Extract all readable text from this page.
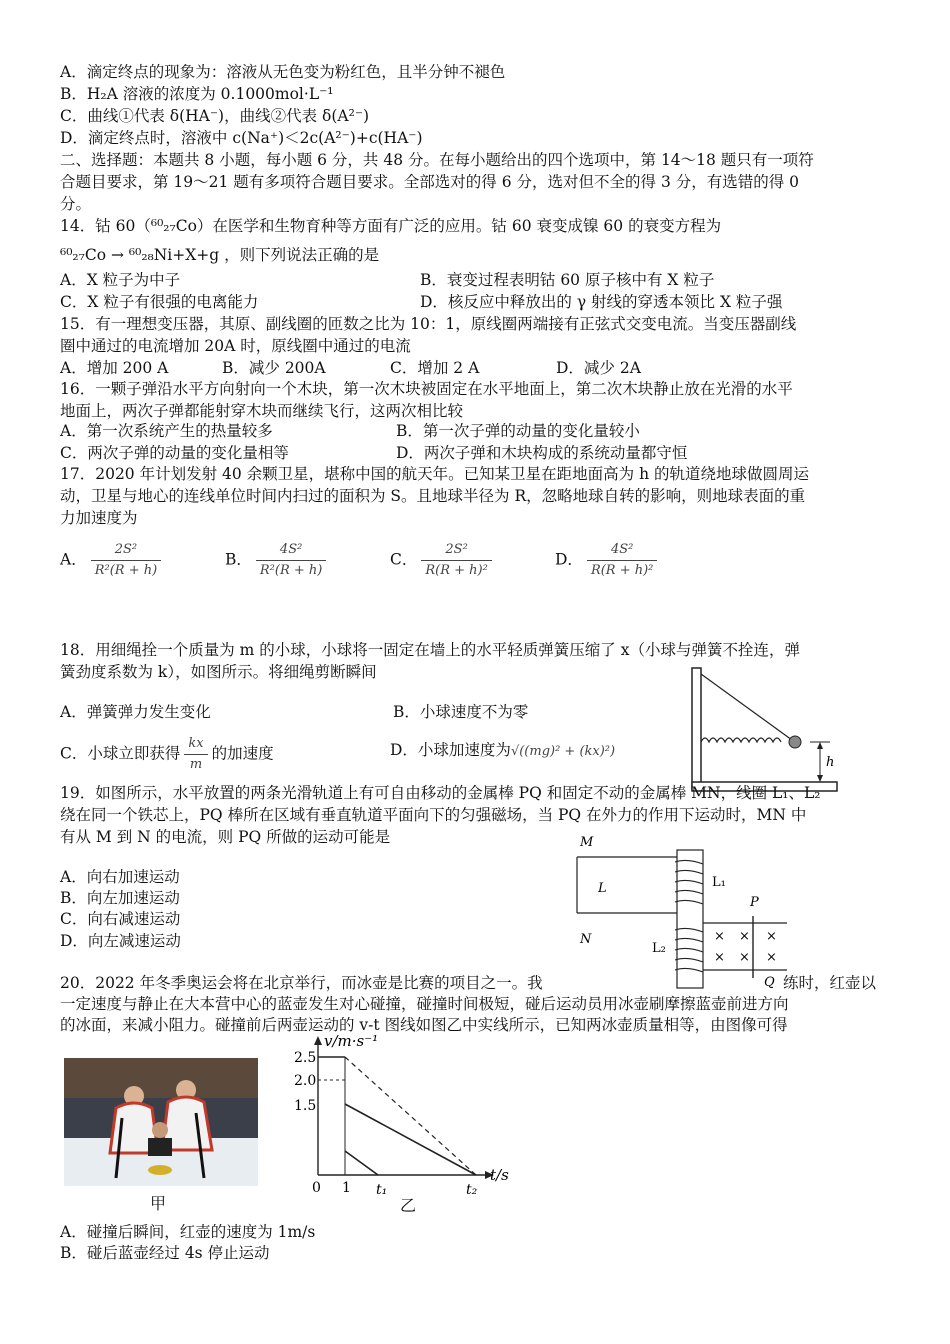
A．滴定终点的现象为：溶液从无色变为粉红色，且半分钟不褪色
B．H₂A 溶液的浓度为 0.1000mol·L⁻¹
C．曲线①代表 δ(HA⁻)，曲线②代表 δ(A²⁻)
D．滴定终点时，溶液中 c(Na⁺)＜2c(A²⁻)+c(HA⁻)
二、选择题：本题共 8 小题，每小题 6 分，共 48 分。在每小题给出的四个选项中，第 14～18 题只有一项符
合题目要求，第 19～21 题有多项符合题目要求。全部选对的得 6 分，选对但不全的得 3 分，有选错的得 0
分。
14．钴 60（⁶⁰₂₇Co）在医学和生物育种等方面有广泛的应用。钴 60 衰变成镍 60 的衰变方程为
⁶⁰₂₇Co → ⁶⁰₂₈Ni+X+g ，则下列说法正确的是
A．X 粒子为中子	B．衰变过程表明钴 60 原子核中有 X 粒子
C．X 粒子有很强的电离能力	D．核反应中释放出的 γ 射线的穿透本领比 X 粒子强
15．有一理想变压器，其原、副线圈的匝数之比为 10：1，原线圈两端接有正弦式交变电流。当变压器副线
圈中通过的电流增加 20A 时，原线圈中通过的电流
A．增加 200 A	B．减少 200A	C．增加 2 A	D．减少 2A
16．一颗子弹沿水平方向射向一个木块，第一次木块被固定在水平地面上，第二次木块静止放在光滑的水平
地面上，两次子弹都能射穿木块而继续飞行，这两次相比较
A．第一次系统产生的热量较多	B．第一次子弹的动量的变化量较小
C．两次子弹的动量的变化量相等	D．两次子弹和木块构成的系统动量都守恒
17．2020 年计划发射 40 余颗卫星，堪称中国的航天年。已知某卫星在距地面高为 h 的轨道绕地球做圆周运
动，卫星与地心的连线单位时间内扫过的面积为 S。且地球半径为 R，忽略地球自转的影响，则地球表面的重
力加速度为
A． $\frac{\text{2S²}}{\text{R²(R + h)}}$	B． $\frac{\text{4S²}}{\text{R²(R + h)}}$	C． $\frac{\text{2S²}}{\text{R(R + h)²}}$	D． $\frac{\text{4S²}}{\text{R(R + h)²}}$
18．用细绳拴一个质量为 m 的小球，小球将一固定在墙上的水平轻质弹簧压缩了 x（小球与弹簧不拴连，弹
簧劲度系数为 k），如图所示。将细绳剪断瞬间
A．弹簧弹力发生变化	B．小球速度不为零
C．小球立即获得 $\frac{kx}{m}$ 的加速度	D．小球加速度为√((mg)² + (kx)²)
h
19．如图所示，水平放置的两条光滑轨道上有可自由移动的金属棒 PQ 和固定不动的金属棒 MN，线圈 L₁、L₂
绕在同一个铁芯上，PQ 棒所在区域有垂直轨道平面向下的匀强磁场，当 PQ 在外力的作用下运动时，MN 中
有从 M 到 N 的电流，则 PQ 所做的运动可能是
A．向右加速运动
B．向左加速运动
C．向右减速运动
D．向左减速运动
M
N
L	L₁
L₂
P
Q
× × ×
× × ×
20．2022 年冬季奥运会将在北京举行，而冰壶是比赛的项目之一。我	练时，红壶以
一定速度与静止在大本营中心的蓝壶发生对心碰撞，碰撞时间极短，碰后运动员用冰壶刷摩擦蓝壶前进方向
的冰面，来减小阻力。碰撞前后两壶运动的 v-t 图线如图乙中实线所示，已知两冰壶质量相等，由图像可得
甲
v/m·s⁻¹
t/s
2.5
2.0
1.5
0 1 t₁	t₂
乙
A．碰撞后瞬间，红壶的速度为 1m/s
B．碰后蓝壶经过 4s 停止运动
